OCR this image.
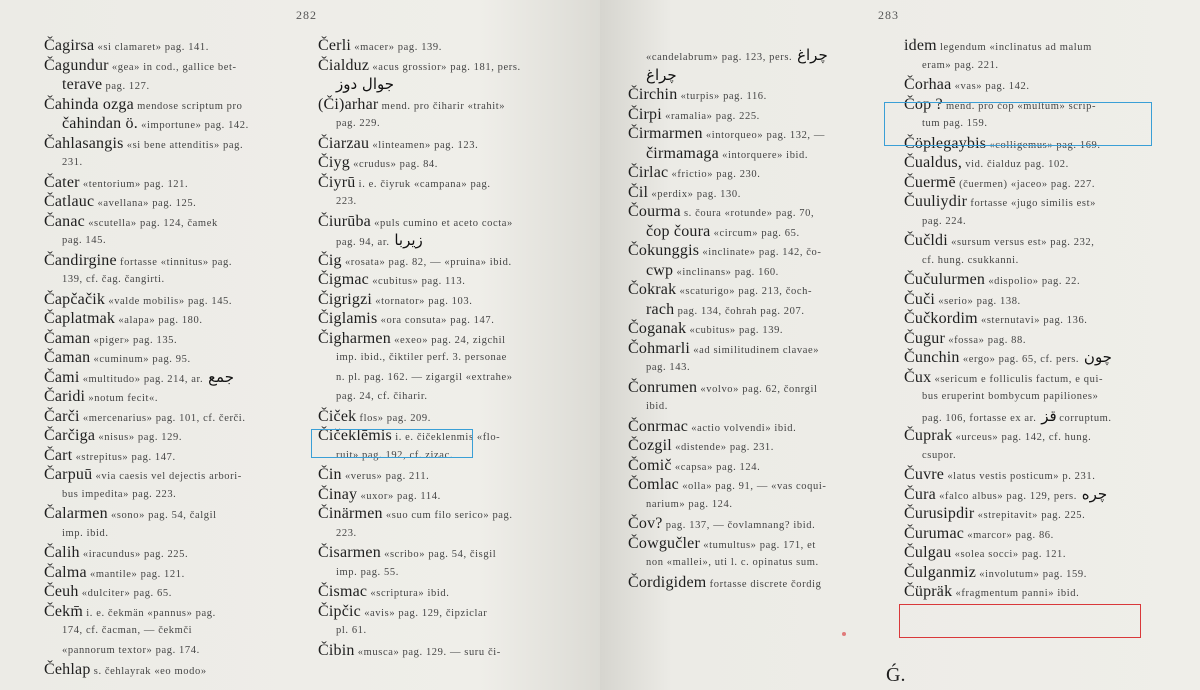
282
Čagirsa «si clamaret» pag. 141.
Čagundur «gea» in cod., gallice bet-
terave pag. 127.
Čahinda ozga mendose scriptum pro
čahindan ö. «importune» pag. 142.
Čahlasangis «si bene attenditis» pag.
231.
Čater «tentorium» pag. 121.
Čatlauc «avellana» pag. 125.
Čanac «scutella» pag. 124, čamek
pag. 145.
Čandirgine fortasse «tinnitus» pag.
139, cf. čag. čangirti.
Čapčačik «valde mobilis» pag. 145.
Čaplatmak «alapa» pag. 180.
Čaman «piger» pag. 135.
Čaman «cuminum» pag. 95.
Čami «multitudo» pag. 214, ar. جمع
Čaridi »notum fecit«.
Čarči «mercenarius» pag. 101, cf. čerči.
Čarčiga «nisus» pag. 129.
Čart «strepitus» pag. 147.
Čarpuū «via caesis vel dejectis arbori-
bus impedita» pag. 223.
Čalarmen «sono» pag. 54, čalgil
imp. ibid.
Čalih «iracundus» pag. 225.
Čalma «mantile» pag. 121.
Čeuh «dulciter» pag. 65.
Čekm̄ i. e. čekmän «pannus» pag.
174, cf. čacman, — čekmči
«pannorum textor» pag. 174.
Čehlap s. čehlayrak «eo modo»
Čerli «macer» pag. 139.
Čialduz «acus grossior» pag. 181, pers.
جوال دوز
(Či)arhar mend. pro čiharir «trahit»
pag. 229.
Čiarzau «linteamen» pag. 123.
Čiyg «crudus» pag. 84.
Čiyrū i. e. čiyruk «campana» pag.
223.
Čiurūba «puls cumino et aceto cocta»
pag. 94, ar. زيربا
Čig «rosata» pag. 82, — «pruina» ibid.
Čigmac «cubitus» pag. 113.
Čigrigzi «tornator» pag. 103.
Čiglamis «ora consuta» pag. 147.
Čigharmen «exeo» pag. 24, zigchil
imp. ibid., čiktiler perf. 3. personae
n. pl. pag. 162. — zigargil «extrahe»
pag. 24, cf. čiharir.
Čiček flos» pag. 209.
Čičeklēmis i. e. čičeklenmis «flo-
ruit» pag. 192, cf. zizac.
Čin «verus» pag. 211.
Činay «uxor» pag. 114.
Činärmen «suo cum filo serico» pag.
223.
Čisarmen «scribo» pag. 54, čisgil
imp. pag. 55.
Čismac «scriptura» ibid.
Čipčic «avis» pag. 129, čipziclar
pl. 61.
Čibin «musca» pag. 129. — suru či-
283
«candelabrum» pag. 123, pers. چراغ
چراغ
Čirchin «turpis» pag. 116.
Čirpi «ramalia» pag. 225.
Čirmarmen «intorqueo» pag. 132, —
čirmamaga «intorquere» ibid.
Čirlac «frictio» pag. 230.
Čil «perdix» pag. 130.
Čourma s. čoura «rotunde» pag. 70,
čop čoura «circum» pag. 65.
Čokunggis «inclinate» pag. 142, čo-
cwp «inclinans» pag. 160.
Čokrak «scaturigo» pag. 213, čoch-
rach pag. 134, čohrah pag. 207.
Čoganak «cubitus» pag. 139.
Čohmarli «ad similitudinem clavae»
pag. 143.
Čonrumen «volvo» pag. 62, čonrgil
ibid.
Čonrmac «actio volvendi» ibid.
Čozgil «distende» pag. 231.
Čomič «capsa» pag. 124.
Čomlac «olla» pag. 91, — «vas coqui-
narium» pag. 124.
Čov? pag. 137, — čovlamnang? ibid.
Čowgučler «tumultus» pag. 171, et
non «mallei», uti l. c. opinatus sum.
Čordigidem fortasse discrete čordig
idem legendum «inclinatus ad malum
eram» pag. 221.
Čorhaa «vas» pag. 142.
Čop ? mend. pro čop «multum» scrip-
tum pag. 159.
Čöplegaybis «colligemus» pag. 169.
Čualdus, vid. čialduz pag. 102.
Čuermē (čuermen) «jaceo» pag. 227.
Čuuliydir fortasse «jugo similis est»
pag. 224.
Čučldi «sursum versus est» pag. 232,
cf. hung. csukkanni.
Čučulurmen «dispolio» pag. 22.
Čuči «serio» pag. 138.
Čučkordim «sternutavi» pag. 136.
Čugur «fossa» pag. 88.
Čunchin «ergo» pag. 65, cf. pers. چون
Čux «sericum e folliculis factum, e qui-
bus eruperint bombycum papiliones»
pag. 106, fortasse ex ar. قز corruptum.
Čuprak «urceus» pag. 142, cf. hung.
csupor.
Čuvre «latus vestis posticum» p. 231.
Čura «falco albus» pag. 129, pers. چره
Čurusipdir «strepitavit» pag. 225.
Čurumac «marcor» pag. 86.
Čulgau «solea socci» pag. 121.
Čulganmiz «involutum» pag. 159.
Čüpräk «fragmentum panni» ibid.
Ǵ.
